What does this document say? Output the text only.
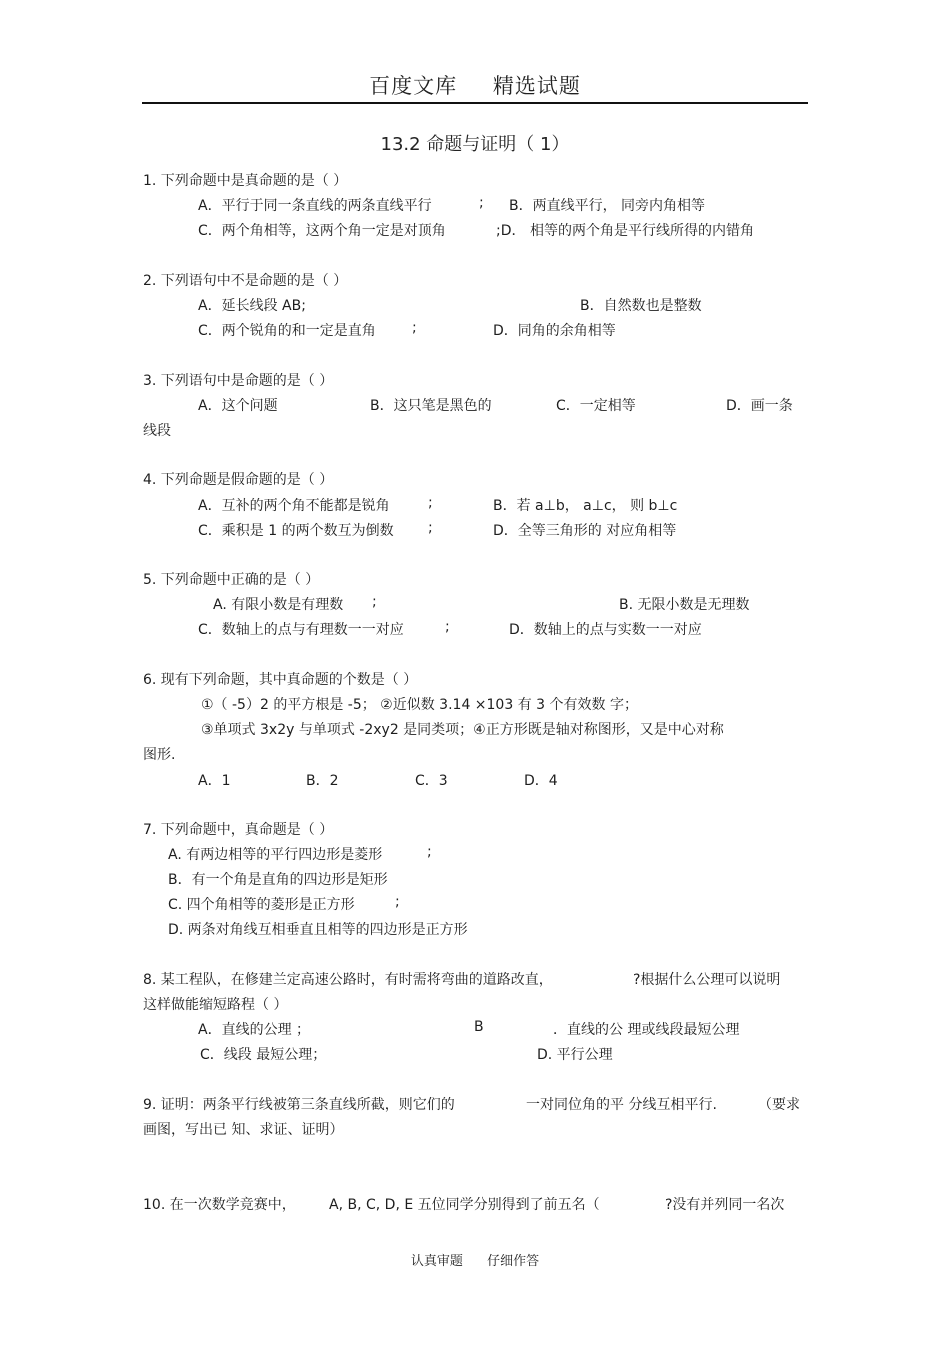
百度文库 精选试题
13.2 命题与证明（ 1）
1. 下列命题中是真命题的是（ ）
A．平行于同一条直线的两条直线平行	; B．两直线平行， 同旁内角相等
C．两个角相等，这两个角一定是对顶角	;D． 相等的两个角是平行线所得的内错角
2. 下列语句中不是命题的是（ ）
A．延长线段 AB;	B．自然数也是整数
C．两个锐角的和一定是直角	;	D．同角的余角相等
3. 下列语句中是命题的是（ ）
A．这个问题	B．这只笔是黑色的	C．一定相等	D．画一条
线段
4. 下列命题是假命题的是（ ）
A．互补的两个角不能都是锐角	;	B．若 a⊥b， a⊥c， 则 b⊥c
C．乘积是 1 的两个数互为倒数 ;	D．全等三角形的 对应角相等
5. 下列命题中正确的是（ ）
A. 有限小数是有理数 ;	B. 无限小数是无理数
C．数轴上的点与有理数一一对应	;	D．数轴上的点与实数一一对应
6. 现有下列命题，其中真命题的个数是（ ）
①（ -5）2 的平方根是 -5； ②近似数 3.14 ×103 有 3 个有效数 字；
③单项式 3x2y 与单项式 -2xy2 是同类项；④正方形既是轴对称图形，又是中心对称
图形.
A．1	B．2	C．3	D．4
7. 下列命题中，真命题是（ ）
A. 有两边相等的平行四边形是菱形	;
B．有一个角是直角的四边形是矩形
C. 四个角相等的菱形是正方形	;
D. 两条对角线互相垂直且相等的四边形是正方形
8. 某工程队，在修建兰定高速公路时，有时需将弯曲的道路改直，	?根据什么公理可以说明
这样做能缩短路程（ ）
A．直线的公理 ；	B	．直线的公 理或线段最短公理
C．线段 最短公理；	D. 平行公理
9. 证明：两条平行线被第三条直线所截，则它们的	一对同位角的平 分线互相平行.	（要求
画图，写出已 知、求证、证明）
10. 在一次数学竞赛中， A, B, C, D, E 五位同学分别得到了前五名（	?没有并列同一名次
认真审题 仔细作答
